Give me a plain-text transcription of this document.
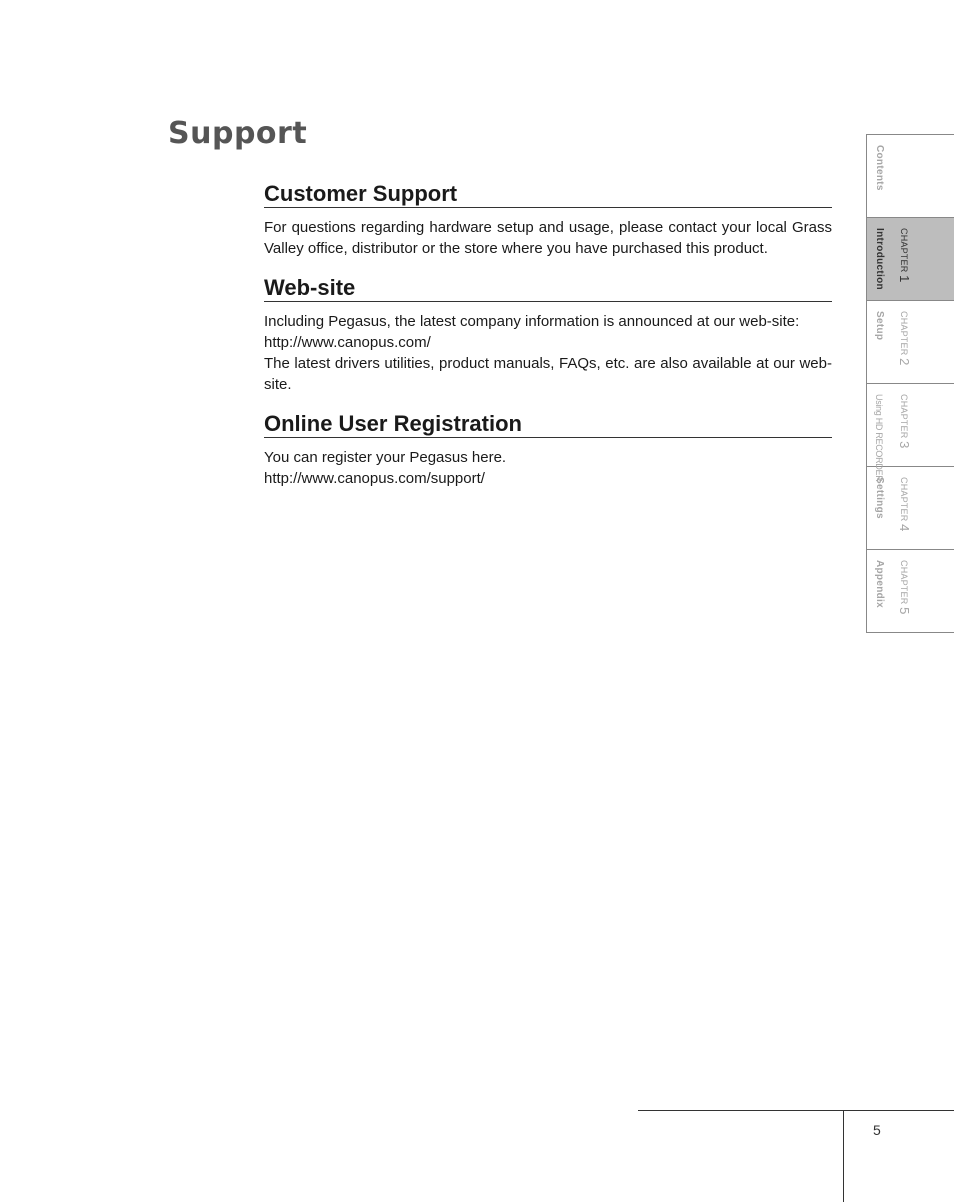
Support
Customer Support

For questions regarding hardware setup and usage, please contact your local Grass Valley office, distributor or the store where you have purchased this product.

Web-site

Including Pegasus, the latest company information is announced at our web-site:

http://www.canopus.com/

The latest drivers utilities, product manuals, FAQs, etc. are also available at our web-site.

Online User Registration

You can register your Pegasus here.

http://www.canopus.com/support/

Contents
Introduction CHAPTER 1
Setup CHAPTER 2
Using HD RECORDER CHAPTER 3
Settings CHAPTER 4
Appendix CHAPTER 5
5
